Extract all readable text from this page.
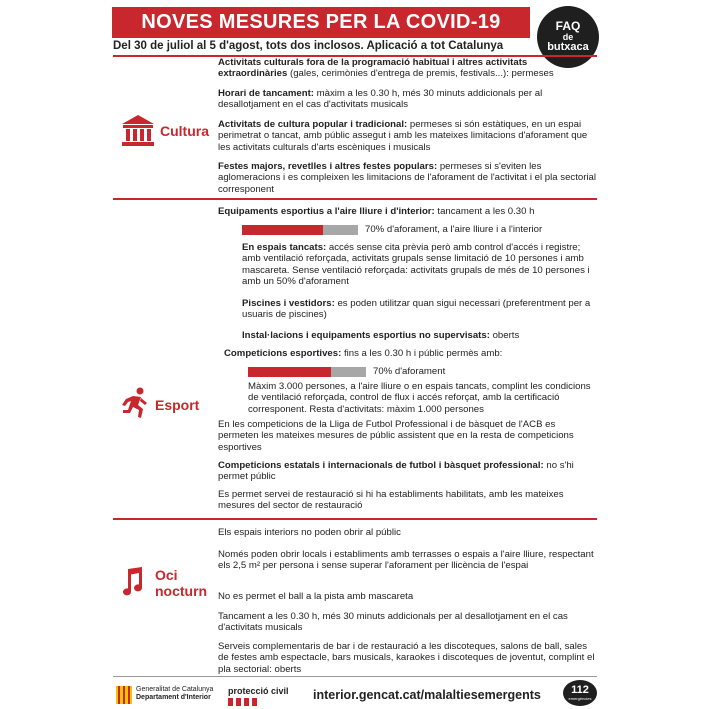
NOVES MESURES PER LA COVID-19	FAQ
de
butxaca
Del 30 de juliol al 5 d'agost, tots dos inclosos. Aplicació a tot Catalunya
Cultura

Activitats culturals fora de la programació habitual i altres activitats extraordinàries (gales, cerimònies d'entrega de premis, festivals...): permeses

Horari de tancament: màxim a les 0.30 h, més 30 minuts addicionals per al desallotjament en el cas d'activitats musicals

Activitats de cultura popular i tradicional: permeses si són estàtiques, en un espai perimetrat o tancat, amb públic assegut i amb les mateixes limitacions d'aforament que les activitats culturals d'arts escèniques i musicals

Festes majors, revetlles i altres festes populars: permeses si s'eviten les aglomeracions i es compleixen les limitacions de l'aforament de l'activitat i el pla sectorial corresponent

Esport

Equipaments esportius a l'aire lliure i d'interior: tancament a les 0.30 h

70% d'aforament, a l'aire lliure i a l'interior

En espais tancats: accés sense cita prèvia però amb control d'accés i registre; amb ventilació reforçada, activitats grupals sense limitació de 10 persones i amb mascareta. Sense ventilació reforçada: activitats grupals de més de 10 persones i amb un 50% d'aforament

Piscines i vestidors: es poden utilitzar quan sigui necessari (preferentment per a usuaris de piscines)

Instal·lacions i equipaments esportius no supervisats: oberts

Competicions esportives: fins a les 0.30 h i públic permès amb:

70% d'aforament

Màxim 3.000 persones, a l'aire lliure o en espais tancats, complint les condicions de ventilació reforçada, control de flux i accés reforçat, amb la certificació corresponent. Resta d'activitats: màxim 1.000 persones

En les competicions de la Lliga de Futbol Professional i de bàsquet de l'ACB es permeten les mateixes mesures de públic assistent que en la resta de competicions esportives

Competicions estatals i internacionals de futbol i bàsquet professional: no s'hi permet públic

Es permet servei de restauració si hi ha establiments habilitats, amb les mateixes mesures del sector de restauració

Oci
nocturn

Els espais interiors no poden obrir al públic

Només poden obrir locals i establiments amb terrasses o espais a l'aire lliure, respectant els 2,5 m² per persona i sense superar l'aforament per llicència de l'espai

No es permet el ball a la pista amb mascareta

Tancament a les 0.30 h, més 30 minuts addicionals per al desallotjament en el cas d'activitats musicals

Serveis complementaris de bar i de restauració a les discoteques, salons de ball, sales de festes amb espectacle, bars musicals, karaokes i discoteques de joventut, complint el pla sectorial: oberts

Generalitat de Catalunya
Departament d'Interior
protecció civil interior.gencat.cat/malaltiesemergents	112
emergències
